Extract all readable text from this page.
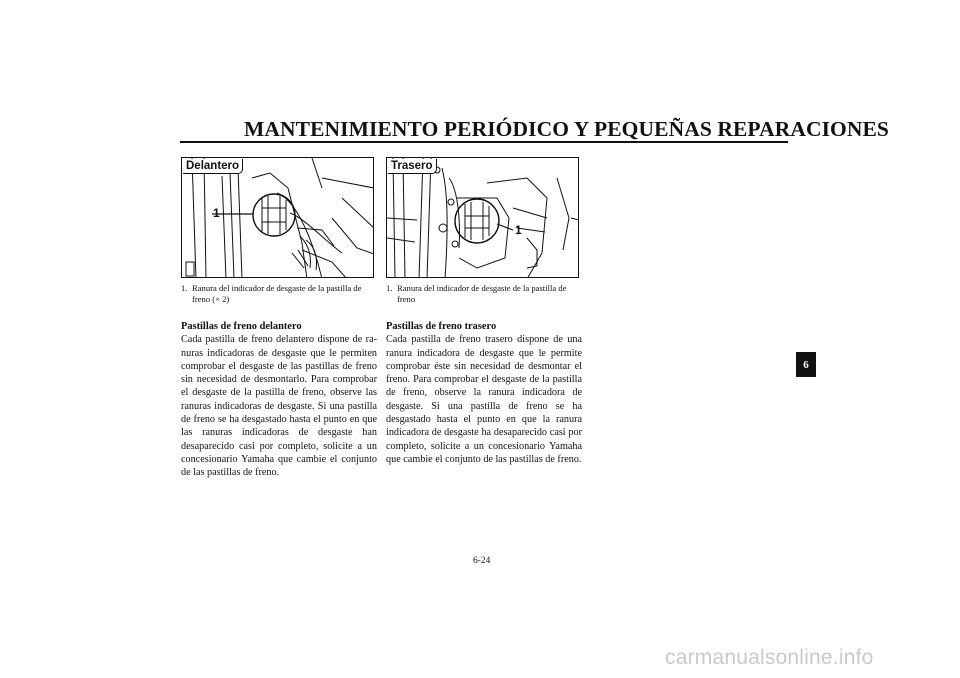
MANTENIMIENTO PERIÓDICO Y PEQUEÑAS REPARACIONES
Delantero
1
1. Ranura del indicador de desgaste de la pastilla de freno (× 2)
Trasero
1
1. Ranura del indicador de desgaste de la pastilla de freno
Pastillas de freno delantero

Cada pastilla de freno delantero dispone de ranuras indicadoras de desgaste que le permiten comprobar el desgaste de las pastillas de freno sin necesidad de desmontarlo. Para comprobar el desgaste de la pastilla de freno, observe las ranuras indicadoras de desgaste. Si una pastilla de freno se ha desgastado hasta el punto en que las ranuras indicadoras de desgaste han desaparecido casi por completo, solicite a un concesionario Yamaha que cambie el conjunto de las pastillas de freno.

Pastillas de freno trasero

Cada pastilla de freno trasero dispone de una ranura indicadora de desgaste que le permite comprobar éste sin necesidad de desmontar el freno. Para comprobar el desgaste de la pastilla de freno, observe la ranura indicadora de desgaste. Si una pastilla de freno se ha desgastado hasta el punto en que la ranura indicadora de desgaste ha desaparecido casi por completo, solicite a un concesionario Yamaha que cambie el conjunto de las pastillas de freno.

6
6-24
carmanualsonline.info
